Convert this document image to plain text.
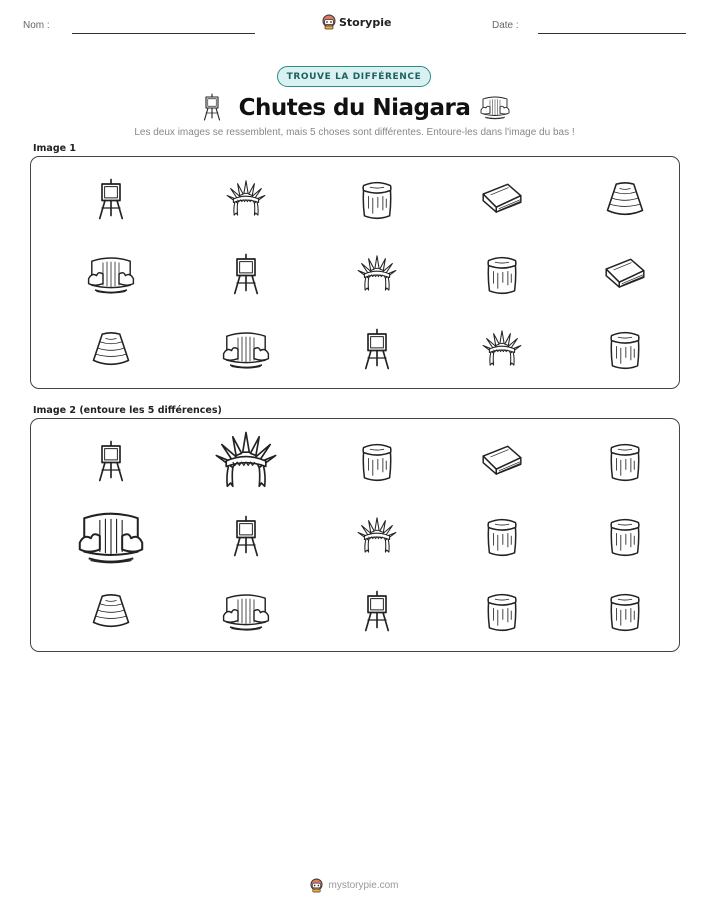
Nom :	Storypie	Date :
TROUVE LA DIFFÉRENCE
Chutes du Niagara
Les deux images se ressemblent, mais 5 choses sont différentes. Entoure-les dans l'image du bas !
Image 1
Image 2 (entoure les 5 différences)
mystorypie.com
